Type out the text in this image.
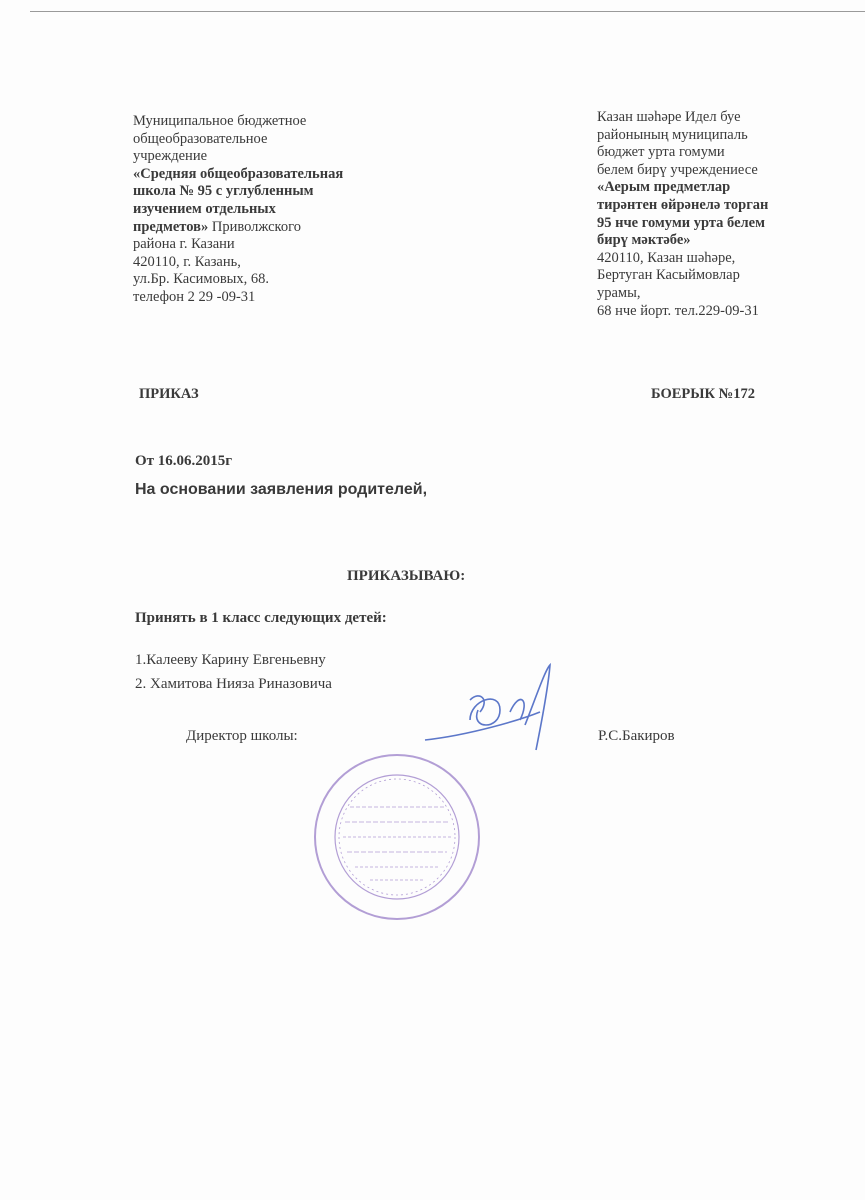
Муниципальное бюджетное
общеобразовательное
учреждение
«Средняя общеобразовательная
школа № 95 с углубленным
изучением отдельных
предметов» Приволжского
района г. Казани
420110, г. Казань,
ул.Бр. Касимовых, 68.
телефон 2 29 -09-31
Казан шәһәре Идел буе
районының муниципаль
бюджет урта гомуми
белем бирү учреждениесе
«Аерым предметлар
тирәнтен өйрәнелә торган
95 нче гомуми урта белем
бирү мәктәбе»
420110, Казан шәһәре,
Бертуган Касыймовлар
урамы,
68 нче йорт. тел.229-09-31
ПРИКАЗ	БОЕРЫК №172
От 16.06.2015г
На основании заявления родителей,
ПРИКАЗЫВАЮ:
Принять в 1 класс следующих детей:
1.Калееву Карину Евгеньевну
2. Хамитова Нияза Риназовича
Директор школы:	Р.С.Бакиров
